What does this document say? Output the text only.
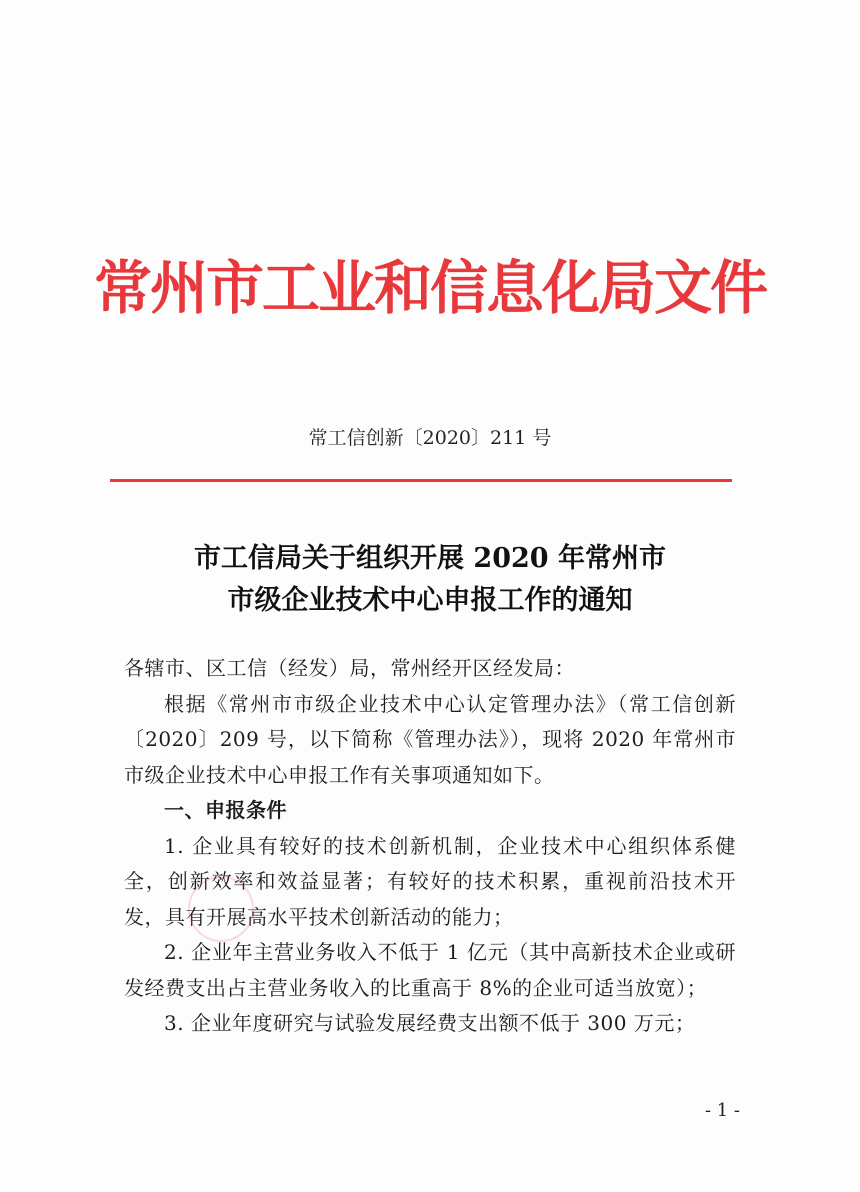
常州市工业和信息化局文件
常工信创新〔2020〕211 号
市工信局关于组织开展 2020 年常州市
市级企业技术中心申报工作的通知

各辖市、区工信（经发）局，常州经开区经发局：

根据《常州市市级企业技术中心认定管理办法》（常工信创新〔2020〕209 号，以下简称《管理办法》），现将 2020 年常州市市级企业技术中心申报工作有关事项通知如下。

一、申报条件

1. 企业具有较好的技术创新机制，企业技术中心组织体系健全，创新效率和效益显著；有较好的技术积累，重视前沿技术开发，具有开展高水平技术创新活动的能力；

2. 企业年主营业务收入不低于 1 亿元（其中高新技术企业或研发经费支出占主营业务收入的比重高于 8%的企业可适当放宽）；

3. 企业年度研究与试验发展经费支出额不低于 300 万元；

- 1 -
